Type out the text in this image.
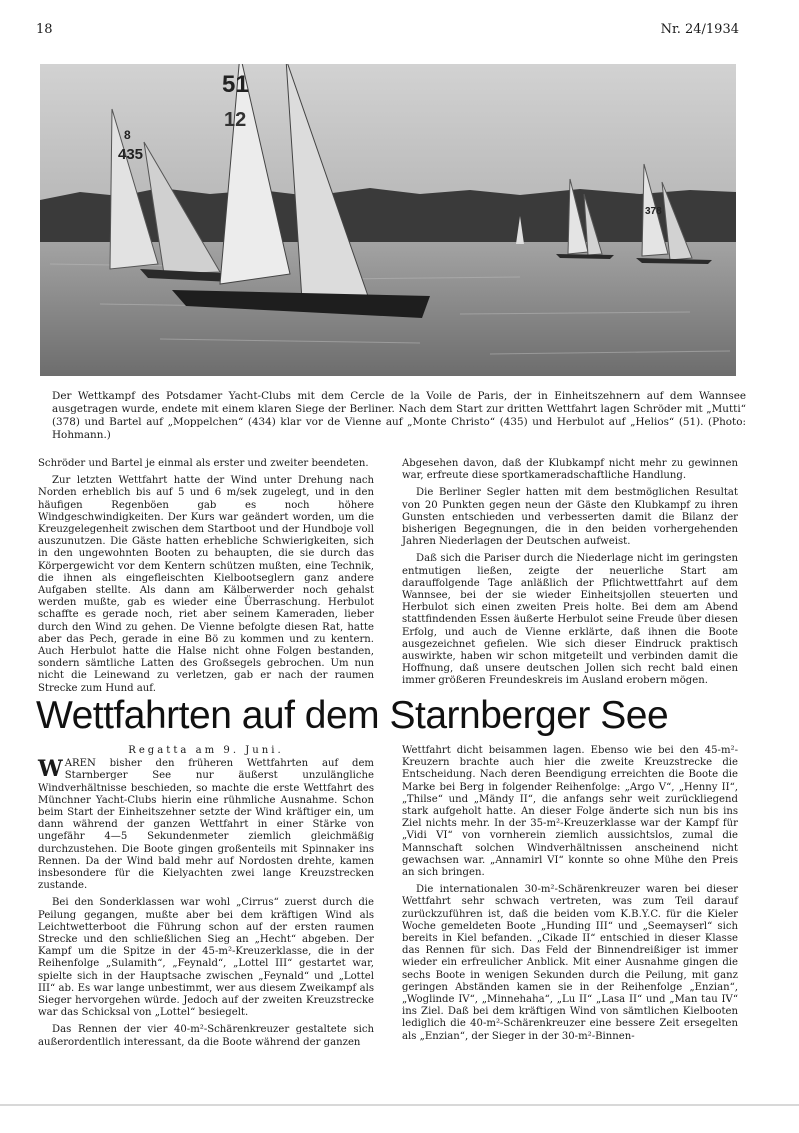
18	Nr. 24/1934
435
8
51
12
378
Der Wettkampf des Potsdamer Yacht-Clubs mit dem Cercle de la Voile de Paris, der in Einheitszehnern auf dem Wannsee ausgetragen wurde, endete mit einem klaren Siege der Berliner. Nach dem Start zur dritten Wettfahrt lagen Schröder mit „Mutti“ (378) und Bartel auf „Moppelchen“ (434) klar vor de Vienne auf „Monte Christo“ (435) und Herbulot auf „Helios“ (51). (Photo: Hohmann.)

Schröder und Bartel je einmal als erster und zweiter beendeten.

Zur letzten Wettfahrt hatte der Wind unter Drehung nach Norden erheblich bis auf 5 und 6 m/sek zugelegt, und in den häufigen Regenböen gab es noch höhere Windgeschwindigkeiten. Der Kurs war geändert worden, um die Kreuzgelegenheit zwischen dem Startboot und der Hundboje voll auszunutzen. Die Gäste hatten erhebliche Schwierigkeiten, sich in den ungewohnten Booten zu behaupten, die sie durch das Körpergewicht vor dem Kentern schützen mußten, eine Technik, die ihnen als eingefleischten Kielbootseglern ganz andere Aufgaben stellte. Als dann am Kälberwerder noch gehalst werden mußte, gab es wieder eine Überraschung. Herbulot schaffte es gerade noch, riet aber seinem Kameraden, lieber durch den Wind zu gehen. De Vienne befolgte diesen Rat, hatte aber das Pech, gerade in eine Bö zu kommen und zu kentern. Auch Herbulot hatte die Halse nicht ohne Folgen bestanden, sondern sämtliche Latten des Großsegels gebrochen. Um nun nicht die Leinewand zu verletzen, gab er nach der raumen Strecke zum Hund auf.

Abgesehen davon, daß der Klubkampf nicht mehr zu gewinnen war, erfreute diese sportkameradschaftliche Handlung.

Die Berliner Segler hatten mit dem bestmöglichen Resultat von 20 Punkten gegen neun der Gäste den Klubkampf zu ihren Gunsten entschieden und verbesserten damit die Bilanz der bisherigen Begegnungen, die in den beiden vorhergehenden Jahren Niederlagen der Deutschen aufweist.

Daß sich die Pariser durch die Niederlage nicht im geringsten entmutigen ließen, zeigte der neuerliche Start am darauffolgende Tage anläßlich der Pflichtwettfahrt auf dem Wannsee, bei der sie wieder Einheitsjollen steuerten und Herbulot sich einen zweiten Preis holte. Bei dem am Abend stattfindenden Essen äußerte Herbulot seine Freude über diesen Erfolg, und auch de Vienne erklärte, daß ihnen die Boote ausgezeichnet gefielen. Wie sich dieser Eindruck praktisch auswirkte, haben wir schon mitgeteilt und verbinden damit die Hoffnung, daß unsere deutschen Jollen sich recht bald einen immer größeren Freundeskreis im Ausland erobern mögen.

Wettfahrten auf dem Starnberger See
Regatta am 9. Juni.

WAREN bisher den früheren Wettfahrten auf dem Starnberger See nur äußerst unzulängliche Windverhältnisse beschieden, so machte die erste Wettfahrt des Münchner Yacht-Clubs hierin eine rühmliche Ausnahme. Schon beim Start der Einheitszehner setzte der Wind kräftiger ein, um dann während der ganzen Wettfahrt in einer Stärke von ungefähr 4—5 Sekundenmeter ziemlich gleichmäßig durchzustehen. Die Boote gingen großenteils mit Spinnaker ins Rennen. Da der Wind bald mehr auf Nordosten drehte, kamen insbesondere für die Kielyachten zwei lange Kreuzstrecken zustande.

Bei den Sonderklassen war wohl „Cirrus“ zuerst durch die Peilung gegangen, mußte aber bei dem kräftigen Wind als Leichtwetterboot die Führung schon auf der ersten raumen Strecke und den schließlichen Sieg an „Hecht“ abgeben. Der Kampf um die Spitze in der 45-m²-Kreuzerklasse, die in der Reihenfolge „Sulamith“, „Feynald“, „Lottel III“ gestartet war, spielte sich in der Hauptsache zwischen „Feynald“ und „Lottel III“ ab. Es war lange unbestimmt, wer aus diesem Zweikampf als Sieger hervorgehen würde. Jedoch auf der zweiten Kreuzstrecke war das Schicksal von „Lottel“ besiegelt.

Das Rennen der vier 40-m²-Schärenkreuzer gestaltete sich außerordentlich interessant, da die Boote während der ganzen

Wettfahrt dicht beisammen lagen. Ebenso wie bei den 45-m²-Kreuzern brachte auch hier die zweite Kreuzstrecke die Entscheidung. Nach deren Beendigung erreichten die Boote die Marke bei Berg in folgender Reihenfolge: „Argo V“, „Henny II“, „Thilse“ und „Mändy II“, die anfangs sehr weit zurückliegend stark aufgeholt hatte. An dieser Folge änderte sich nun bis ins Ziel nichts mehr. In der 35-m²-Kreuzerklasse war der Kampf für „Vidi VI“ von vornherein ziemlich aussichtslos, zumal die Mannschaft solchen Windverhältnissen anscheinend nicht gewachsen war. „Annamirl VI“ konnte so ohne Mühe den Preis an sich bringen.

Die internationalen 30-m²-Schärenkreuzer waren bei dieser Wettfahrt sehr schwach vertreten, was zum Teil darauf zurückzuführen ist, daß die beiden vom K.B.Y.C. für die Kieler Woche gemeldeten Boote „Hunding III“ und „Seemayserl“ sich bereits in Kiel befanden. „Cikade II“ entschied in dieser Klasse das Rennen für sich. Das Feld der Binnendreißiger ist immer wieder ein erfreulicher Anblick. Mit einer Ausnahme gingen die sechs Boote in wenigen Sekunden durch die Peilung, mit ganz geringen Abständen kamen sie in der Reihenfolge „Enzian“, „Woglinde IV“, „Minnehaha“, „Lu II“ „Lasa II“ und „Man tau IV“ ins Ziel. Daß bei dem kräftigen Wind von sämtlichen Kielbooten lediglich die 40-m²-Schärenkreuzer eine bessere Zeit ersegelten als „Enzian“, der Sieger in der 30-m²-Binnen-
